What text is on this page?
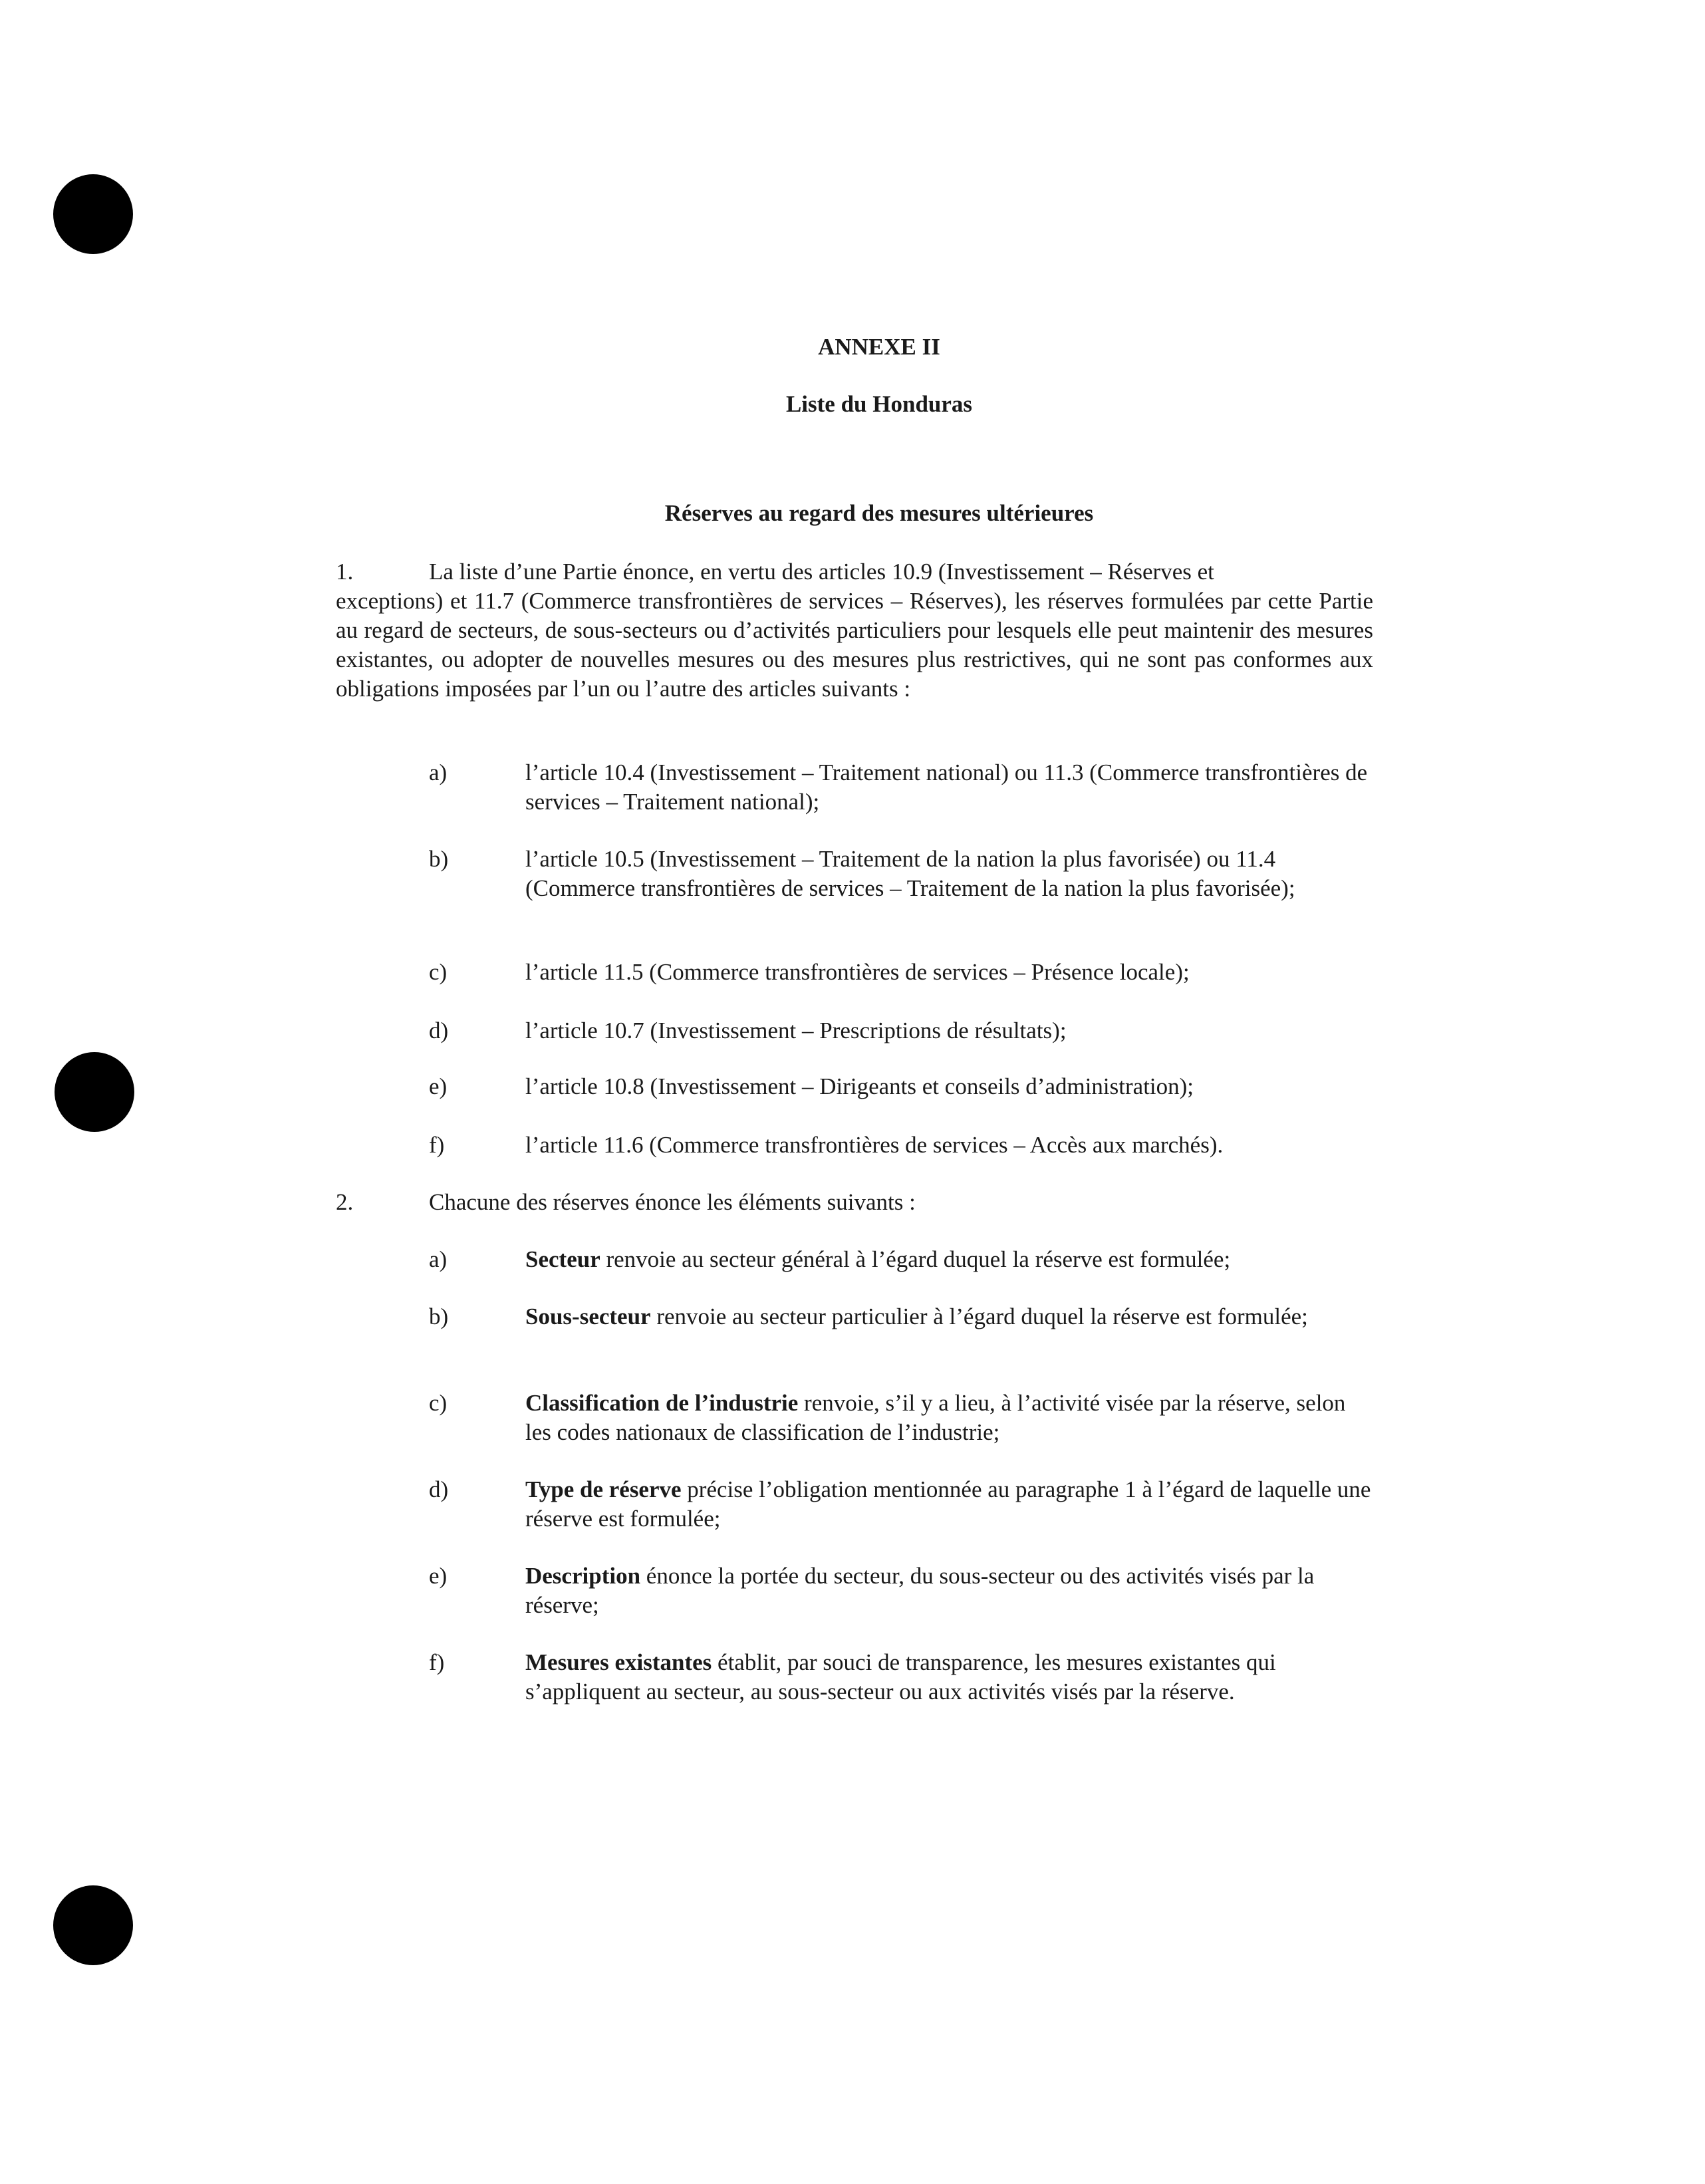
ANNEXE II
Liste du Honduras
Réserves au regard des mesures ultérieures
1.	La liste d’une Partie énonce, en vertu des articles 10.9 (Investissement – Réserves et
exceptions) et 11.7 (Commerce transfrontières de services – Réserves), les réserves formulées par cette Partie au regard de secteurs, de sous-secteurs ou d’activités particuliers pour lesquels elle peut maintenir des mesures existantes, ou adopter de nouvelles mesures ou des mesures plus restrictives, qui ne sont pas conformes aux obligations imposées par l’un ou l’autre des articles suivants :
a)	l’article 10.4 (Investissement – Traitement national) ou 11.3 (Commerce transfrontières de services – Traitement national);
b)	l’article 10.5 (Investissement – Traitement de la nation la plus favorisée) ou 11.4 (Commerce transfrontières de services – Traitement de la nation la plus favorisée);
c)	l’article 11.5 (Commerce transfrontières de services – Présence locale);
d)	l’article 10.7 (Investissement – Prescriptions de résultats);
e)	l’article 10.8 (Investissement – Dirigeants et conseils d’administration);
f)	l’article 11.6 (Commerce transfrontières de services – Accès aux marchés).
2.	Chacune des réserves énonce les éléments suivants :
a)	Secteur renvoie au secteur général à l’égard duquel la réserve est formulée;
b)	Sous-secteur renvoie au secteur particulier à l’égard duquel la réserve est formulée;
c)	Classification de l’industrie renvoie, s’il y a lieu, à l’activité visée par la réserve, selon les codes nationaux de classification de l’industrie;
d)	Type de réserve précise l’obligation mentionnée au paragraphe 1 à l’égard de laquelle une réserve est formulée;
e)	Description énonce la portée du secteur, du sous-secteur ou des activités visés par la réserve;
f)	Mesures existantes établit, par souci de transparence, les mesures existantes qui s’appliquent au secteur, au sous-secteur ou aux activités visés par la réserve.
